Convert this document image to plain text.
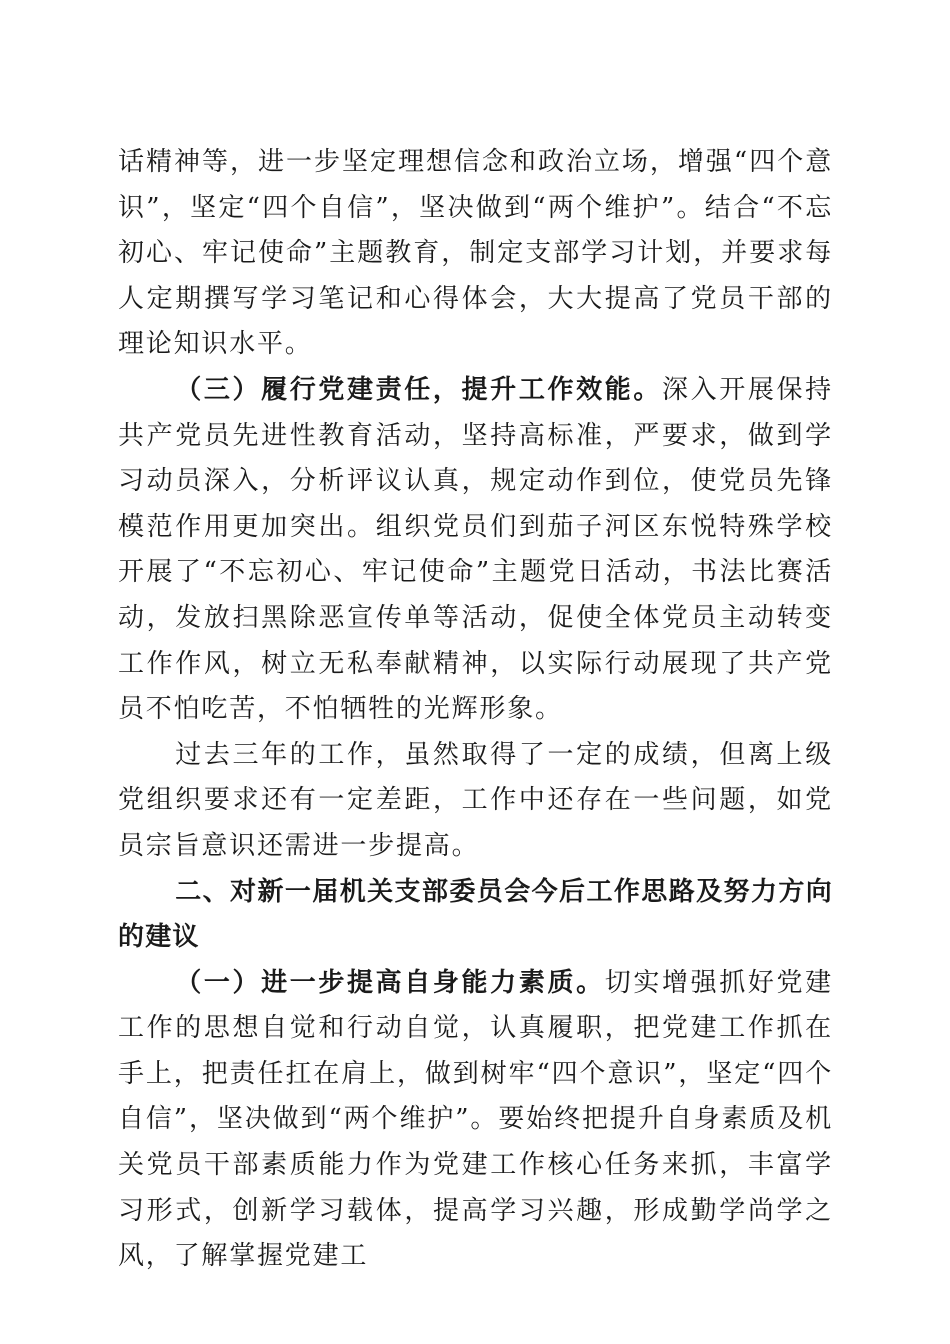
话精神等，进一步坚定理想信念和政治立场，增强“四个意识”，坚定“四个自信”，坚决做到“两个维护”。结合“不忘初心、牢记使命”主题教育，制定支部学习计划，并要求每人定期撰写学习笔记和心得体会，大大提高了党员干部的理论知识水平。

（三）履行党建责任，提升工作效能。深入开展保持共产党员先进性教育活动，坚持高标准，严要求，做到学习动员深入，分析评议认真，规定动作到位，使党员先锋模范作用更加突出。组织党员们到茄子河区东悦特殊学校开展了“不忘初心、牢记使命”主题党日活动，书法比赛活动，发放扫黑除恶宣传单等活动，促使全体党员主动转变工作作风，树立无私奉献精神，以实际行动展现了共产党员不怕吃苦，不怕牺牲的光辉形象。

过去三年的工作，虽然取得了一定的成绩，但离上级党组织要求还有一定差距，工作中还存在一些问题，如党员宗旨意识还需进一步提高。

二、对新一届机关支部委员会今后工作思路及努力方向的建议

（一）进一步提高自身能力素质。切实增强抓好党建工作的思想自觉和行动自觉，认真履职，把党建工作抓在手上，把责任扛在肩上，做到树牢“四个意识”，坚定“四个自信”，坚决做到“两个维护”。要始终把提升自身素质及机关党员干部素质能力作为党建工作核心任务来抓，丰富学习形式，创新学习载体，提高学习兴趣，形成勤学尚学之风，了解掌握党建工
